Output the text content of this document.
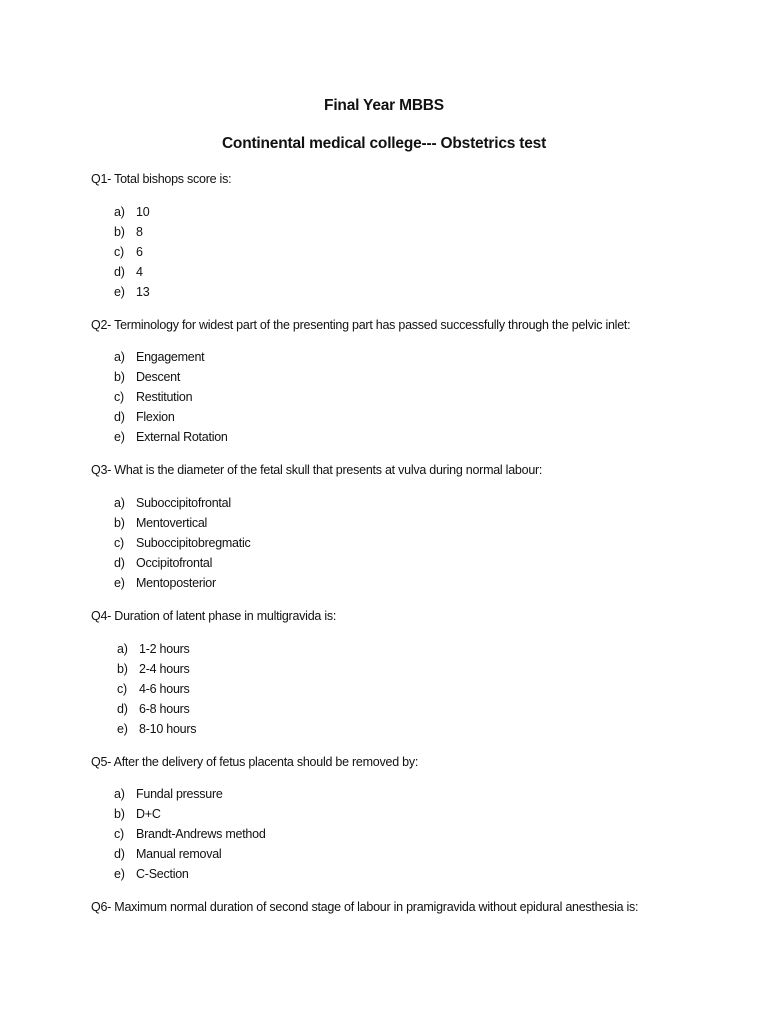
Final Year MBBS
Continental medical college--- Obstetrics test
Q1- Total bishops score is:
a) 10
b) 8
c) 6
d) 4
e) 13
Q2- Terminology for widest part of the presenting part has passed successfully through the pelvic inlet:
a) Engagement
b) Descent
c) Restitution
d) Flexion
e) External Rotation
Q3- What is the diameter of the fetal skull that presents at vulva during normal labour:
a) Suboccipitofrontal
b) Mentovertical
c) Suboccipitobregmatic
d) Occipitofrontal
e) Mentoposterior
Q4- Duration of latent phase in multigravida is:
a) 1-2 hours
b) 2-4 hours
c) 4-6 hours
d) 6-8 hours
e) 8-10 hours
Q5- After the delivery of fetus placenta should be removed by:
a) Fundal pressure
b) D+C
c) Brandt-Andrews method
d) Manual removal
e) C-Section
Q6- Maximum normal duration of second stage of labour in pramigravida without epidural anesthesia is:
